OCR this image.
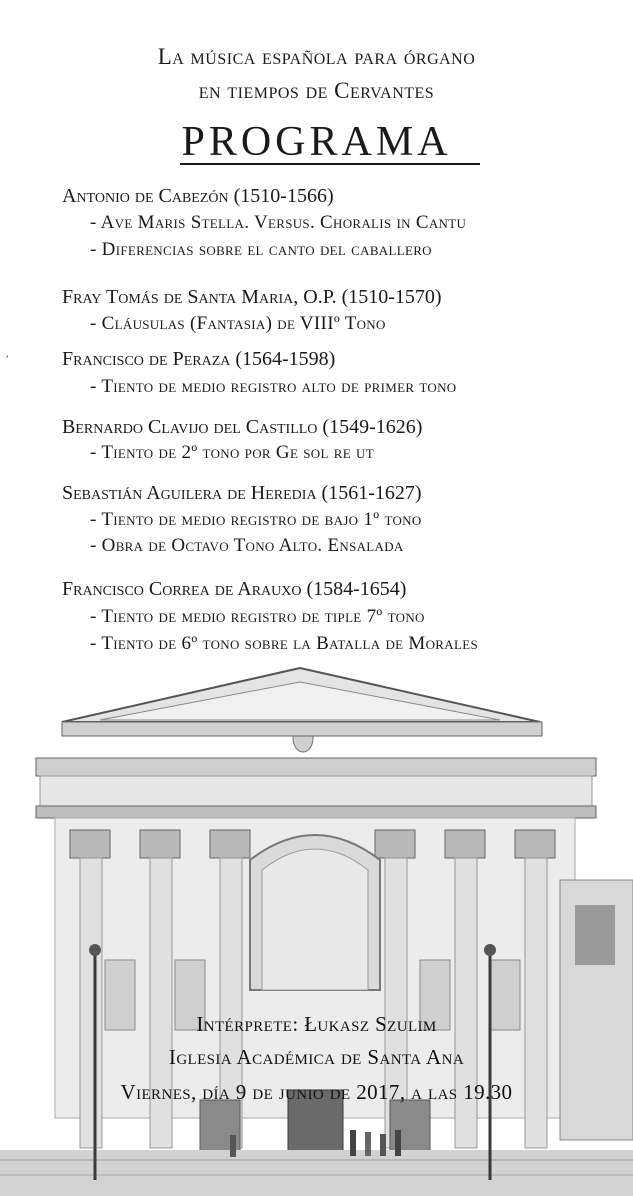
La música española para órgano
en tiempos de Cervantes
PROGRAMA
′
Antonio de Cabezón (1510-1566)
- Ave Maris Stella. Versus. Choralis in Cantu
- Diferencias sobre el canto del caballero
Fray Tomás de Santa Maria, O.P. (1510-1570)
- Cláusulas (Fantasia) de VIIIº Tono
Francisco de Peraza (1564-1598)
- Tiento de medio registro alto de primer tono
Bernardo Clavijo del Castillo (1549-1626)
- Tiento de 2º tono por Ge sol re ut
Sebastián Aguilera de Heredia (1561-1627)
- Tiento de medio registro de bajo 1º tono
- Obra de Octavo Tono Alto. Ensalada
Francisco Correa de Arauxo (1584-1654)
- Tiento de medio registro de tiple 7º tono
- Tiento de 6º tono sobre la Batalla de Morales
Intérprete: Łukasz Szulim
Iglesia Académica de Santa Ana
Viernes, día 9 de junio de 2017, a las 19.30
